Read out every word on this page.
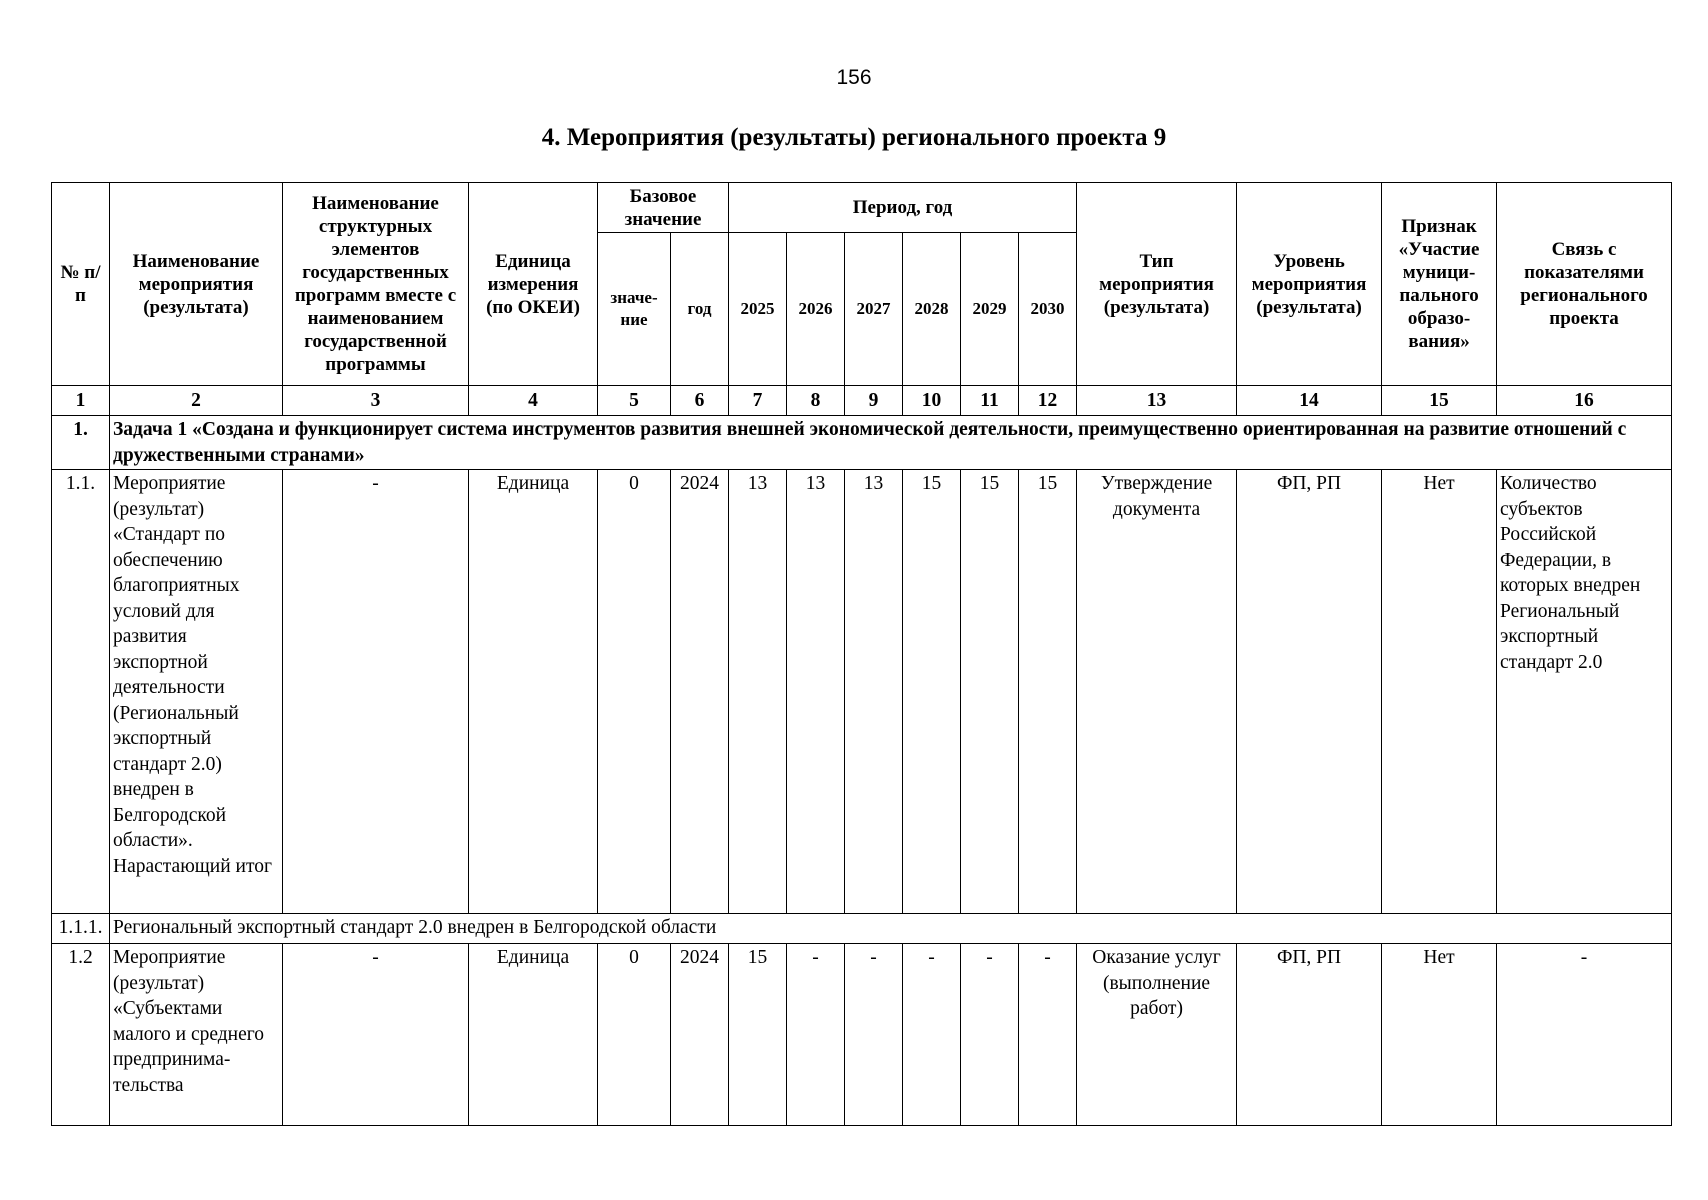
156
4. Мероприятия (результаты) регионального проекта 9
№ п/п	Наименование мероприятия (результата)	Наименование структурных элементов государственных программ вместе с наименованием государственной программы	Единица измерения (по ОКЕИ)	Базовое значение		Период, год						Тип мероприятия (результата)	Уровень мероприятия (результата)	Признак «Участие муници-пального образо-вания»	Связь с показателями регионального проекта
				значе-ние	год	2025	2026	2027	2028	2029	2030				
1	2	3	4	5	6	7	8	9	10	11	12	13	14	15	16
1.	Задача 1 «Создана и функционирует система инструментов развития внешней экономической деятельности, преимущественно ориентированная на развитие отношений с дружественными странами»														
1.1.	Мероприятие (результат) «Стандарт по обеспечению благоприятных условий для развития экспортной деятельности (Региональный экспортный стандарт 2.0) внедрен в Белгородской области». Нарастающий итог	-	Единица	0	2024	13	13	13	15	15	15	Утверждение документа	ФП, РП	Нет	Количество субъектов Российской Федерации, в которых внедрен Региональный экспортный стандарт 2.0
1.1.1.	Региональный экспортный стандарт 2.0 внедрен в Белгородской области														
1.2	Мероприятие (результат) «Субъектами малого и среднего предпринима-тельства	-	Единица	0	2024	15	-	-	-	-	-	Оказание услуг (выполнение работ)	ФП, РП	Нет	-
